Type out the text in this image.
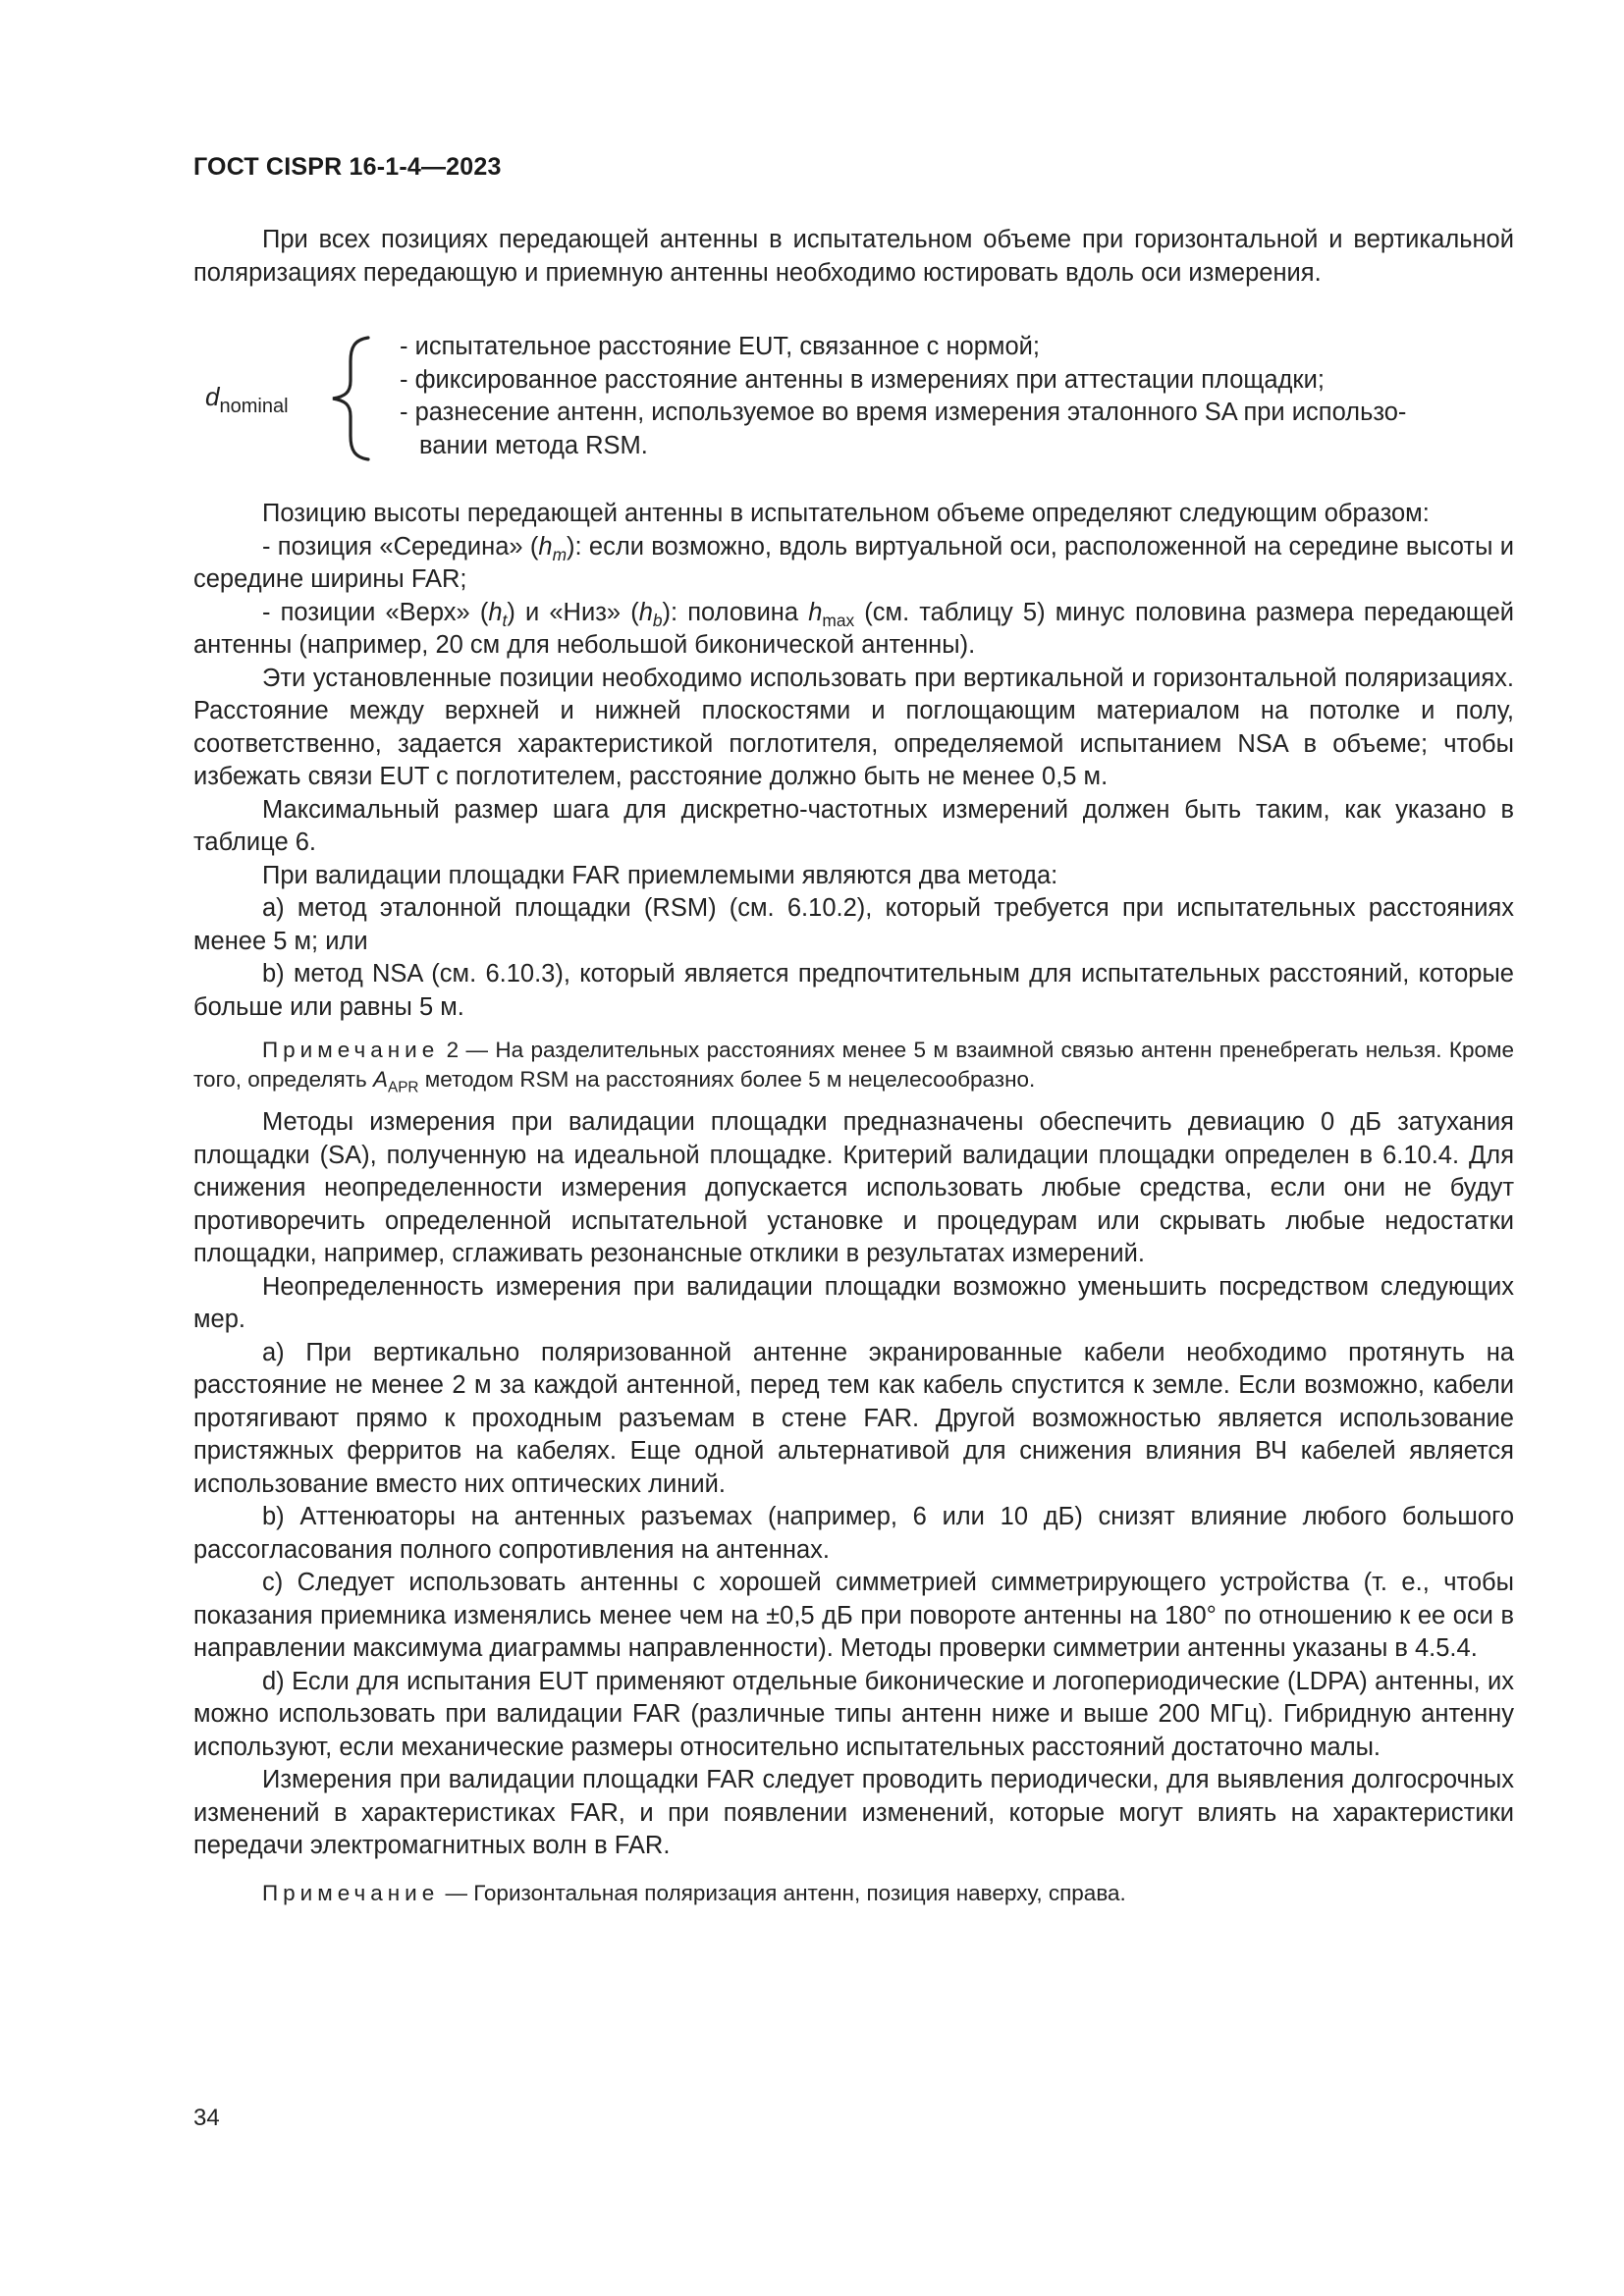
ГОСТ CISPR 16-1-4—2023

При всех позициях передающей антенны в испытательном объеме при горизонтальной и вертикальной поляризациях передающую и приемную антенны необходимо юстировать вдоль оси измерения.

$d_{nominal}$
- испытательное расстояние EUT, связанное с нормой;
- фиксированное расстояние антенны в измерениях при аттестации площадки;
- разнесение антенн, используемое во время измерения эталонного SA при использо-
вании метода RSM.

Позицию высоты передающей антенны в испытательном объеме определяют следующим образом:

- позиция «Середина» $(h_m)$: если возможно, вдоль виртуальной оси, расположенной на середине высоты и середине ширины FAR;

- позиции «Верх» $(h_t)$ и «Низ» $(h_b)$: половина $h_{max}$ (см. таблицу 5) минус половина размера передающей антенны (например, 20 см для небольшой биконической антенны).

Эти установленные позиции необходимо использовать при вертикальной и горизонтальной поляризациях. Расстояние между верхней и нижней плоскостями и поглощающим материалом на потолке и полу, соответственно, задается характеристикой поглотителя, определяемой испытанием NSA в объеме; чтобы избежать связи EUT с поглотителем, расстояние должно быть не менее 0,5 м.

Максимальный размер шага для дискретно-частотных измерений должен быть таким, как указано в таблице 6.

При валидации площадки FAR приемлемыми являются два метода:

a) метод эталонной площадки (RSM) (см. 6.10.2), который требуется при испытательных расстояниях менее 5 м; или

b) метод NSA (см. 6.10.3), который является предпочтительным для испытательных расстояний, которые больше или равны 5 м.

Примечание 2 — На разделительных расстояниях менее 5 м взаимной связью антенн пренебрегать нельзя. Кроме того, определять $A_{APR}$ методом RSM на расстояниях более 5 м нецелесообразно.

Методы измерения при валидации площадки предназначены обеспечить девиацию 0 дБ затухания площадки (SA), полученную на идеальной площадке. Критерий валидации площадки определен в 6.10.4. Для снижения неопределенности измерения допускается использовать любые средства, если они не будут противоречить определенной испытательной установке и процедурам или скрывать любые недостатки площадки, например, сглаживать резонансные отклики в результатах измерений.

Неопределенность измерения при валидации площадки возможно уменьшить посредством следующих мер.

a) При вертикально поляризованной антенне экранированные кабели необходимо протянуть на расстояние не менее 2 м за каждой антенной, перед тем как кабель спустится к земле. Если возможно, кабели протягивают прямо к проходным разъемам в стене FAR. Другой возможностью является использование пристяжных ферритов на кабелях. Еще одной альтернативой для снижения влияния ВЧ кабелей является использование вместо них оптических линий.

b) Аттенюаторы на антенных разъемах (например, 6 или 10 дБ) снизят влияние любого большого рассогласования полного сопротивления на антеннах.

c) Следует использовать антенны с хорошей симметрией симметрирующего устройства (т. е., чтобы показания приемника изменялись менее чем на ±0,5 дБ при повороте антенны на 180° по отношению к ее оси в направлении максимума диаграммы направленности). Методы проверки симметрии антенны указаны в 4.5.4.

d) Если для испытания EUT применяют отдельные биконические и логопериодические (LDPA) антенны, их можно использовать при валидации FAR (различные типы антенн ниже и выше 200 МГц). Гибридную антенну используют, если механические размеры относительно испытательных расстояний достаточно малы.

Измерения при валидации площадки FAR следует проводить периодически, для выявления долгосрочных изменений в характеристиках FAR, и при появлении изменений, которые могут влиять на характеристики передачи электромагнитных волн в FAR.

Примечание — Горизонтальная поляризация антенн, позиция наверху, справа.

34
